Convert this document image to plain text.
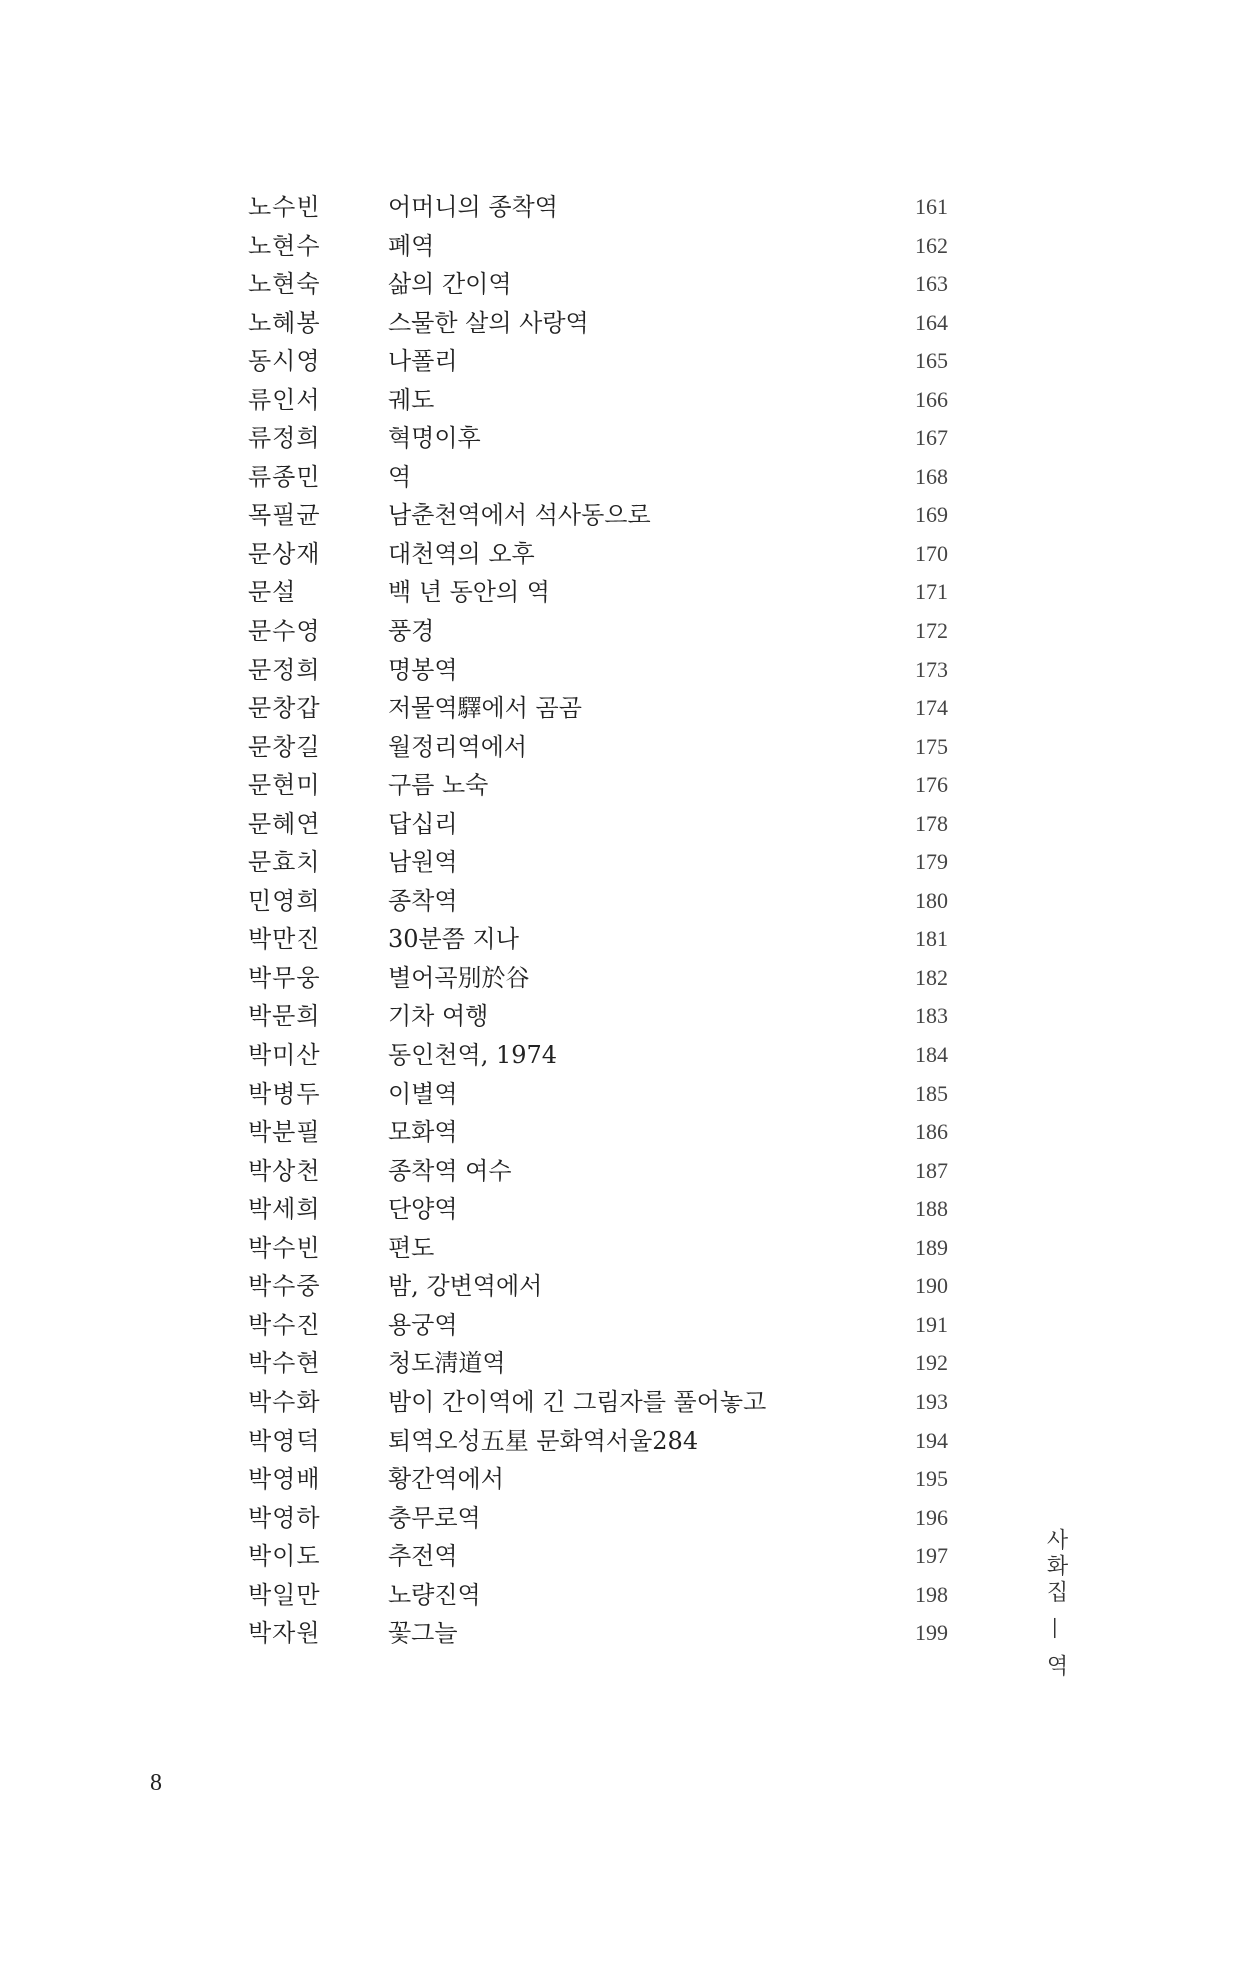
노수빈	어머니의 종착역	161
노현수	폐역	162
노현숙	삶의 간이역	163
노혜봉	스물한 살의 사랑역	164
동시영	나폴리	165
류인서	궤도	166
류정희	혁명이후	167
류종민	역	168
목필균	남춘천역에서 석사동으로	169
문상재	대천역의 오후	170
문설	백 년 동안의 역	171
문수영	풍경	172
문정희	명봉역	173
문창갑	저물역驛에서 곰곰	174
문창길	월정리역에서	175
문현미	구름 노숙	176
문혜연	답십리	178
문효치	남원역	179
민영희	종착역	180
박만진	30분쯤 지나	181
박무웅	별어곡別於谷	182
박문희	기차 여행	183
박미산	동인천역, 1974	184
박병두	이별역	185
박분필	모화역	186
박상천	종착역 여수	187
박세희	단양역	188
박수빈	편도	189
박수중	밤, 강변역에서	190
박수진	용궁역	191
박수현	청도淸道역	192
박수화	밤이 간이역에 긴 그림자를 풀어놓고	193
박영덕	퇴역오성五星 문화역서울284	194
박영배	황간역에서	195
박영하	충무로역	196
박이도	추전역	197
박일만	노량진역	198
박자원	꽃그늘	199	사화집 — 역
8
